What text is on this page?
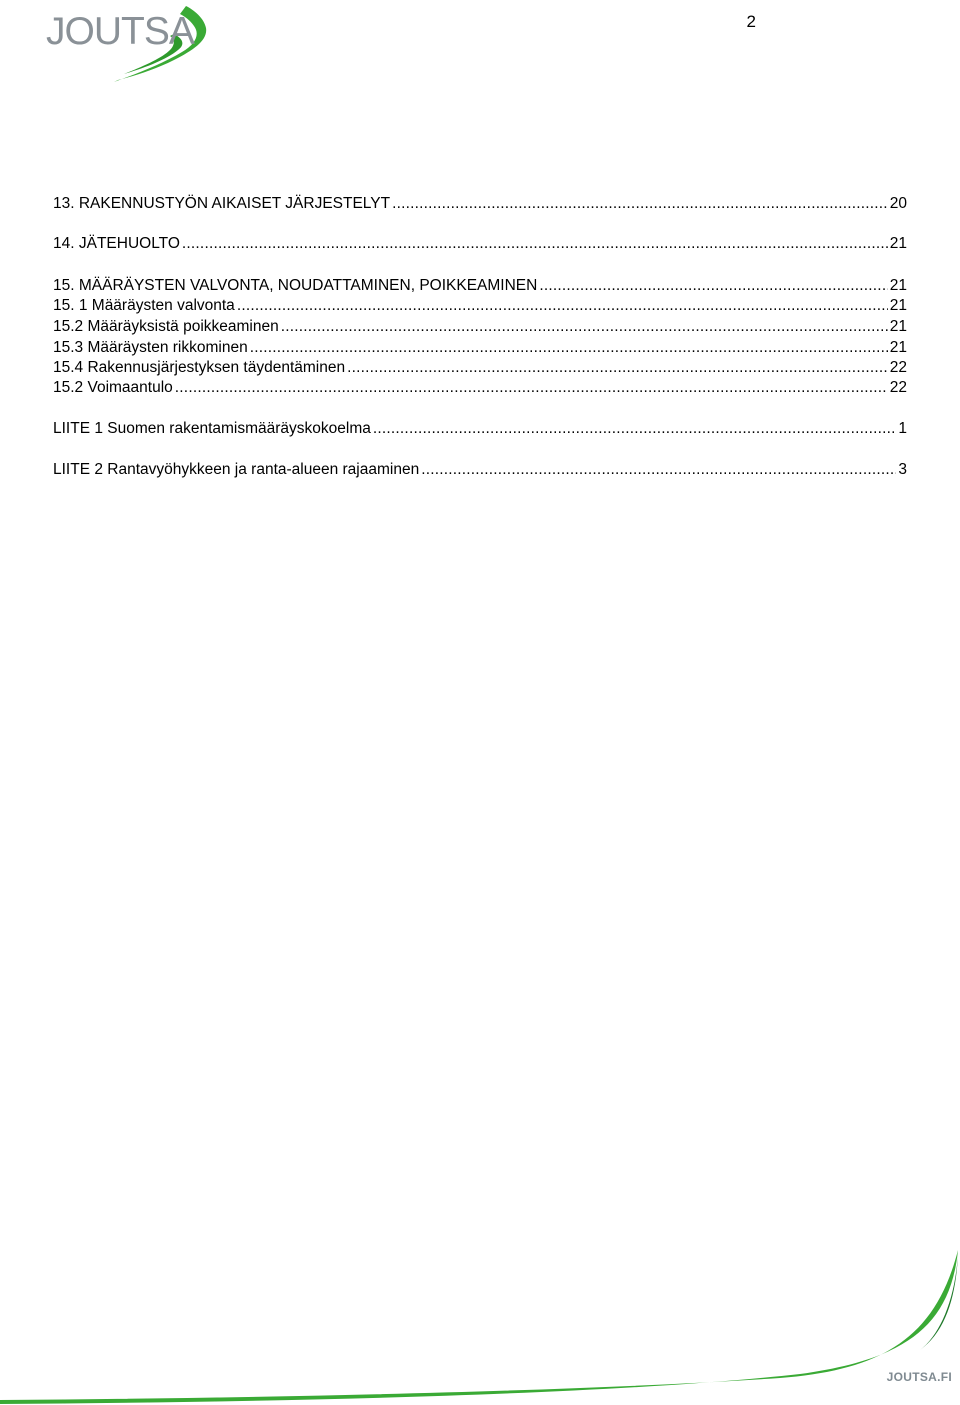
JOUTSA	2
13. RAKENNUSTYÖN AIKAISET JÄRJESTELYT .....	20
14. JÄTEHUOLTO .....	21
15. MÄÄRÄYSTEN VALVONTA, NOUDATTAMINEN, POIKKEAMINEN .....	21
15. 1 Määräysten valvonta .....	21
15.2 Määräyksistä poikkeaminen .....	21
15.3 Määräysten rikkominen .....	21
15.4 Rakennusjärjestyksen täydentäminen .....	22
15.2 Voimaantulo .....	22
LIITE 1 Suomen rakentamismääräyskokoelma .....	1
LIITE 2 Rantavyöhykkeen ja ranta-alueen rajaaminen .....	3
JOUTSA.FI
